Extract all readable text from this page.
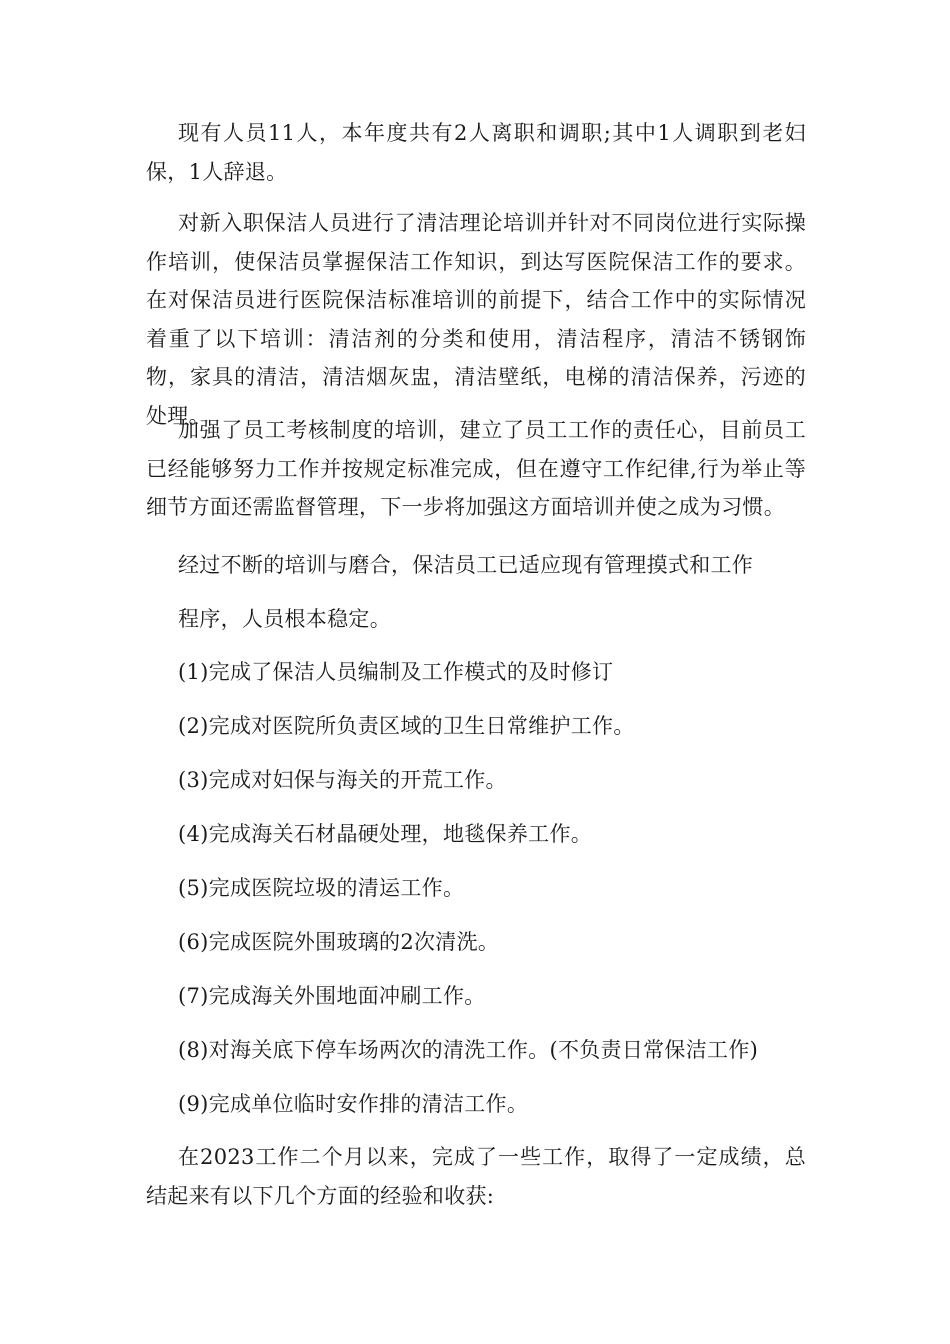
现有人员11人，本年度共有2人离职和调职;其中1人调职到老妇保，1人辞退。

对新入职保洁人员进行了清洁理论培训并针对不同岗位进行实际操作培训，使保洁员掌握保洁工作知识，到达写医院保洁工作的要求。在对保洁员进行医院保洁标准培训的前提下，结合工作中的实际情况着重了以下培训：清洁剂的分类和使用，清洁程序，清洁不锈钢饰物，家具的清洁，清洁烟灰盅，清洁壁纸，电梯的清洁保养，污迹的处理。

加强了员工考核制度的培训，建立了员工工作的责任心，目前员工已经能够努力工作并按规定标准完成，但在遵守工作纪律,行为举止等细节方面还需监督管理，下一步将加强这方面培训并使之成为习惯。

经过不断的培训与磨合，保洁员工已适应现有管理摸式和工作

程序，人员根本稳定。

(1)完成了保洁人员编制及工作模式的及时修订

(2)完成对医院所负责区域的卫生日常维护工作。

(3)完成对妇保与海关的开荒工作。

(4)完成海关石材晶硬处理，地毯保养工作。

(5)完成医院垃圾的清运工作。

(6)完成医院外围玻璃的2次清洗。

(7)完成海关外围地面冲刷工作。

(8)对海关底下停车场两次的清洗工作。(不负责日常保洁工作)

(9)完成单位临时安作排的清洁工作。

在2023工作二个月以来，完成了一些工作，取得了一定成绩，总结起来有以下几个方面的经验和收获:
